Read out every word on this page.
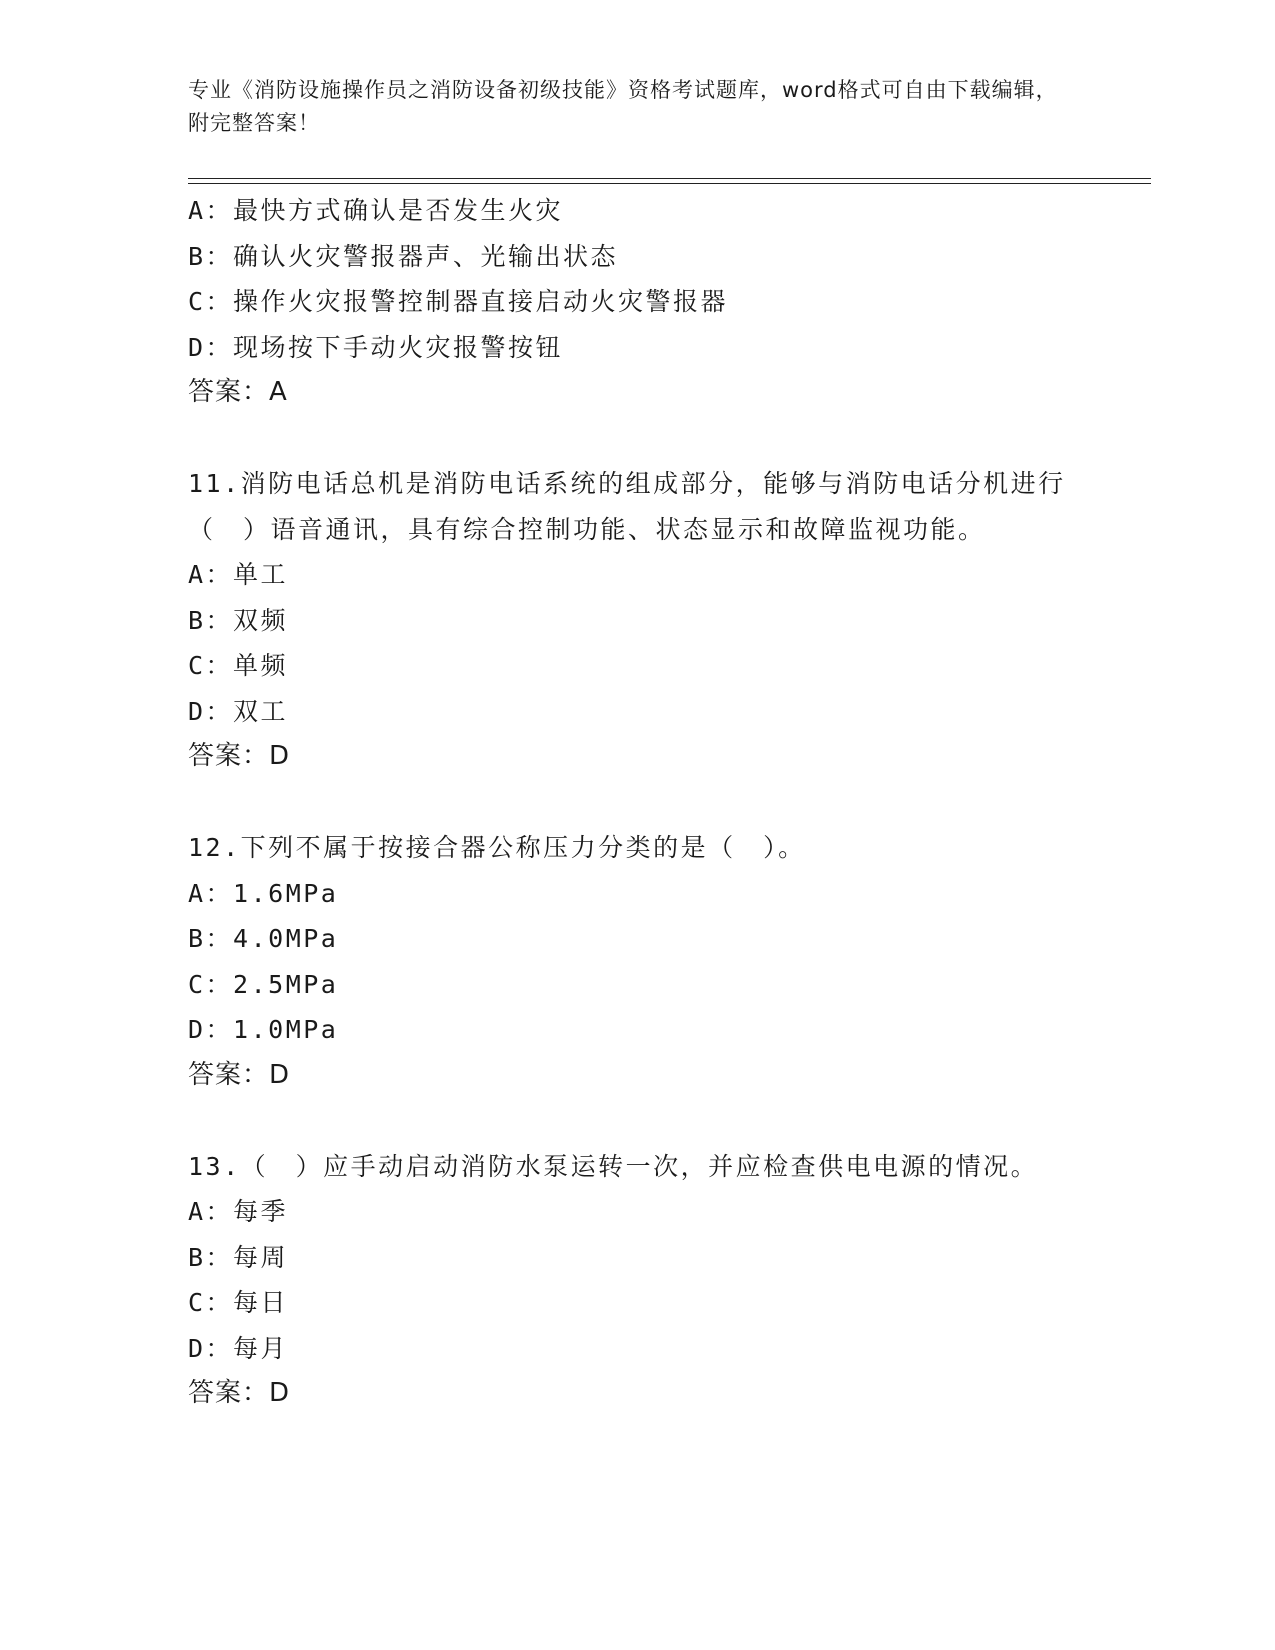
专业《消防设施操作员之消防设备初级技能》资格考试题库，word格式可自由下载编辑，附完整答案！
A：最快方式确认是否发生火灾
B：确认火灾警报器声、光输出状态
C：操作火灾报警控制器直接启动火灾警报器
D：现场按下手动火灾报警按钮
答案：A
11.消防电话总机是消防电话系统的组成部分，能够与消防电话分机进行（　）语音通讯，具有综合控制功能、状态显示和故障监视功能。
A：单工
B：双频
C：单频
D：双工
答案：D
12.下列不属于按接合器公称压力分类的是（　）。
A：1.6MPa
B：4.0MPa
C：2.5MPa
D：1.0MPa
答案：D
13.（　）应手动启动消防水泵运转一次，并应检查供电电源的情况。
A：每季
B：每周
C：每日
D：每月
答案：D
